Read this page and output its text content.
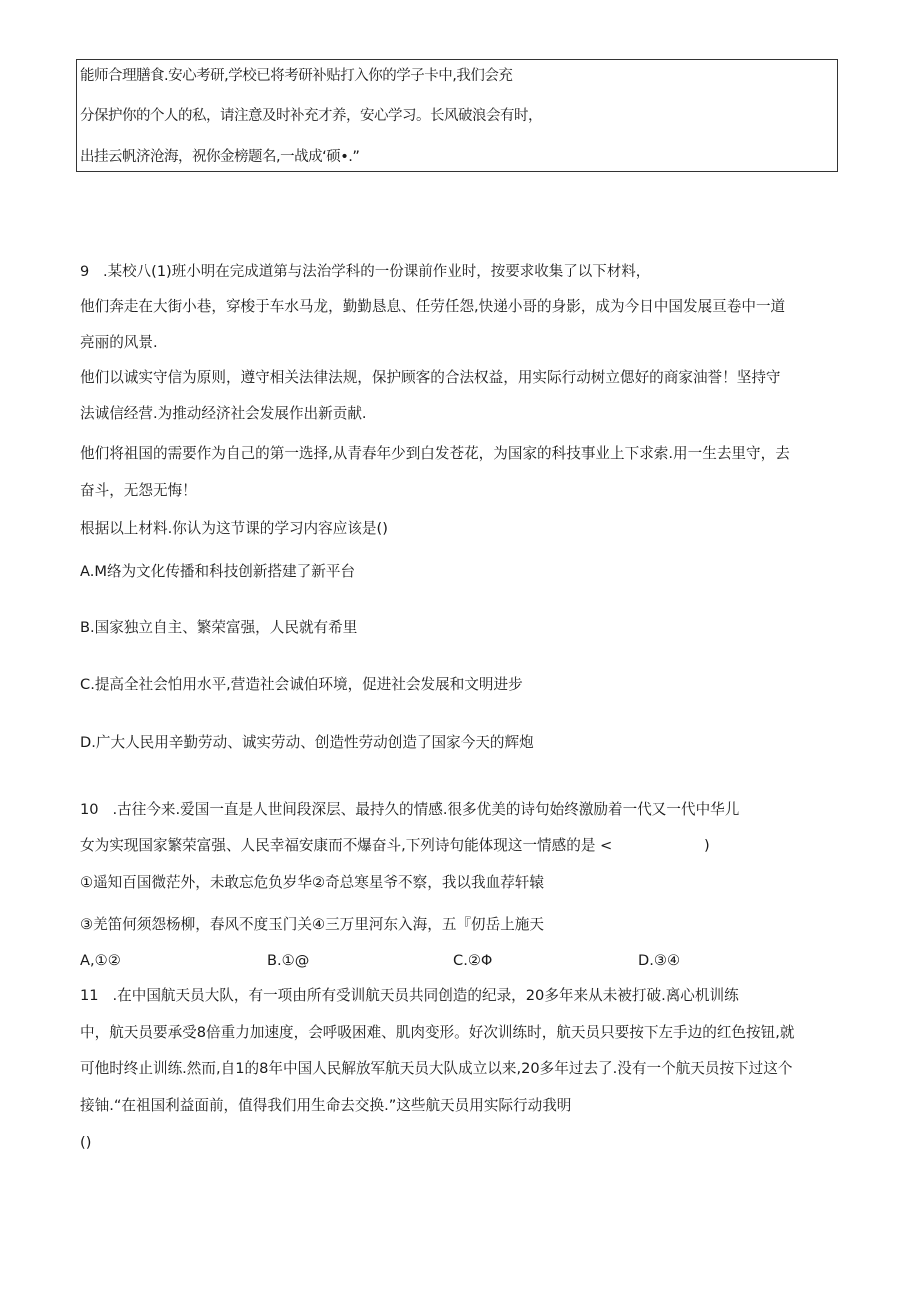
能师合理膳食.安心考研,学校已将考研补贴打入你的学子卡中,我们会充
分保护你的个人的私，请注意及时补充才养，安心学习。长风破浪会有时，
出挂云帆济沧海，祝你金榜题名,一战成‘硕•.”
9   .某校八(1)班小明在完成道第与法治学科的一份课前作业时，按要求收集了以下材料，
他们奔走在大街小巷，穿梭于车水马龙，勤勤恳息、任劳任怨,快递小哥的身影，成为今日中国发展亘卷中一道
亮丽的风景.
他们以诚实守信为原则，遵守相关法律法规，保护顾客的合法权益，用实际行动树立偲好的商家油誉！坚持守
法诚信经营.为推动经济社会发展作出新贡献.
他们将祖国的需要作为自己的第一选择,从青春年少到白发苍花，为国家的科技事业上下求索.用一生去里守，去
奋斗，无怨无悔！
根据以上材料.你认为这节课的学习内容应该是()
A.M络为文化传播和科技创新搭建了新平台
B.国家独立自主、繁荣富强，人民就有希里
C.提高全社会怕用水平,营造社会诚伯环境，促进社会发展和文明进步
D.广大人民用辛勤劳动、诚实劳动、创造性劳动创造了国家今天的辉炮
10   .古往今来.爱国一直是人世间段深层、最持久的情感.很多优美的诗句始终激励着一代又一代中华儿
女为实现国家繁荣富强、人民幸福安康而不爆奋斗,下列诗句能体现这一情感的是 <	)
①遥知百国微茫外，未敢忘危负岁华②奇总寒星爷不察，我以我血荐轩辕
③羌笛何须怨杨柳，春风不度玉门关④三万里河东入海，五『仞岳上施天
A,①②	B.①@	C.②Φ	D.③④
11   .在中国航天员大队，有一项由所有受训航天员共同创造的纪录，20多年来从未被打破.离心机训练
中，航天员要承受8倍重力加速度，会呼吸困难、肌肉变形。好次训练时，航天员只要按下左手边的红色按钮,就
可他时终止训练.然而,自1的8年中国人民解放军航天员大队成立以来,20多年过去了.没有一个航天员按下过这个
接铀.“在祖国利益面前，值得我们用生命去交换.”这些航天员用实际行动我明
()
